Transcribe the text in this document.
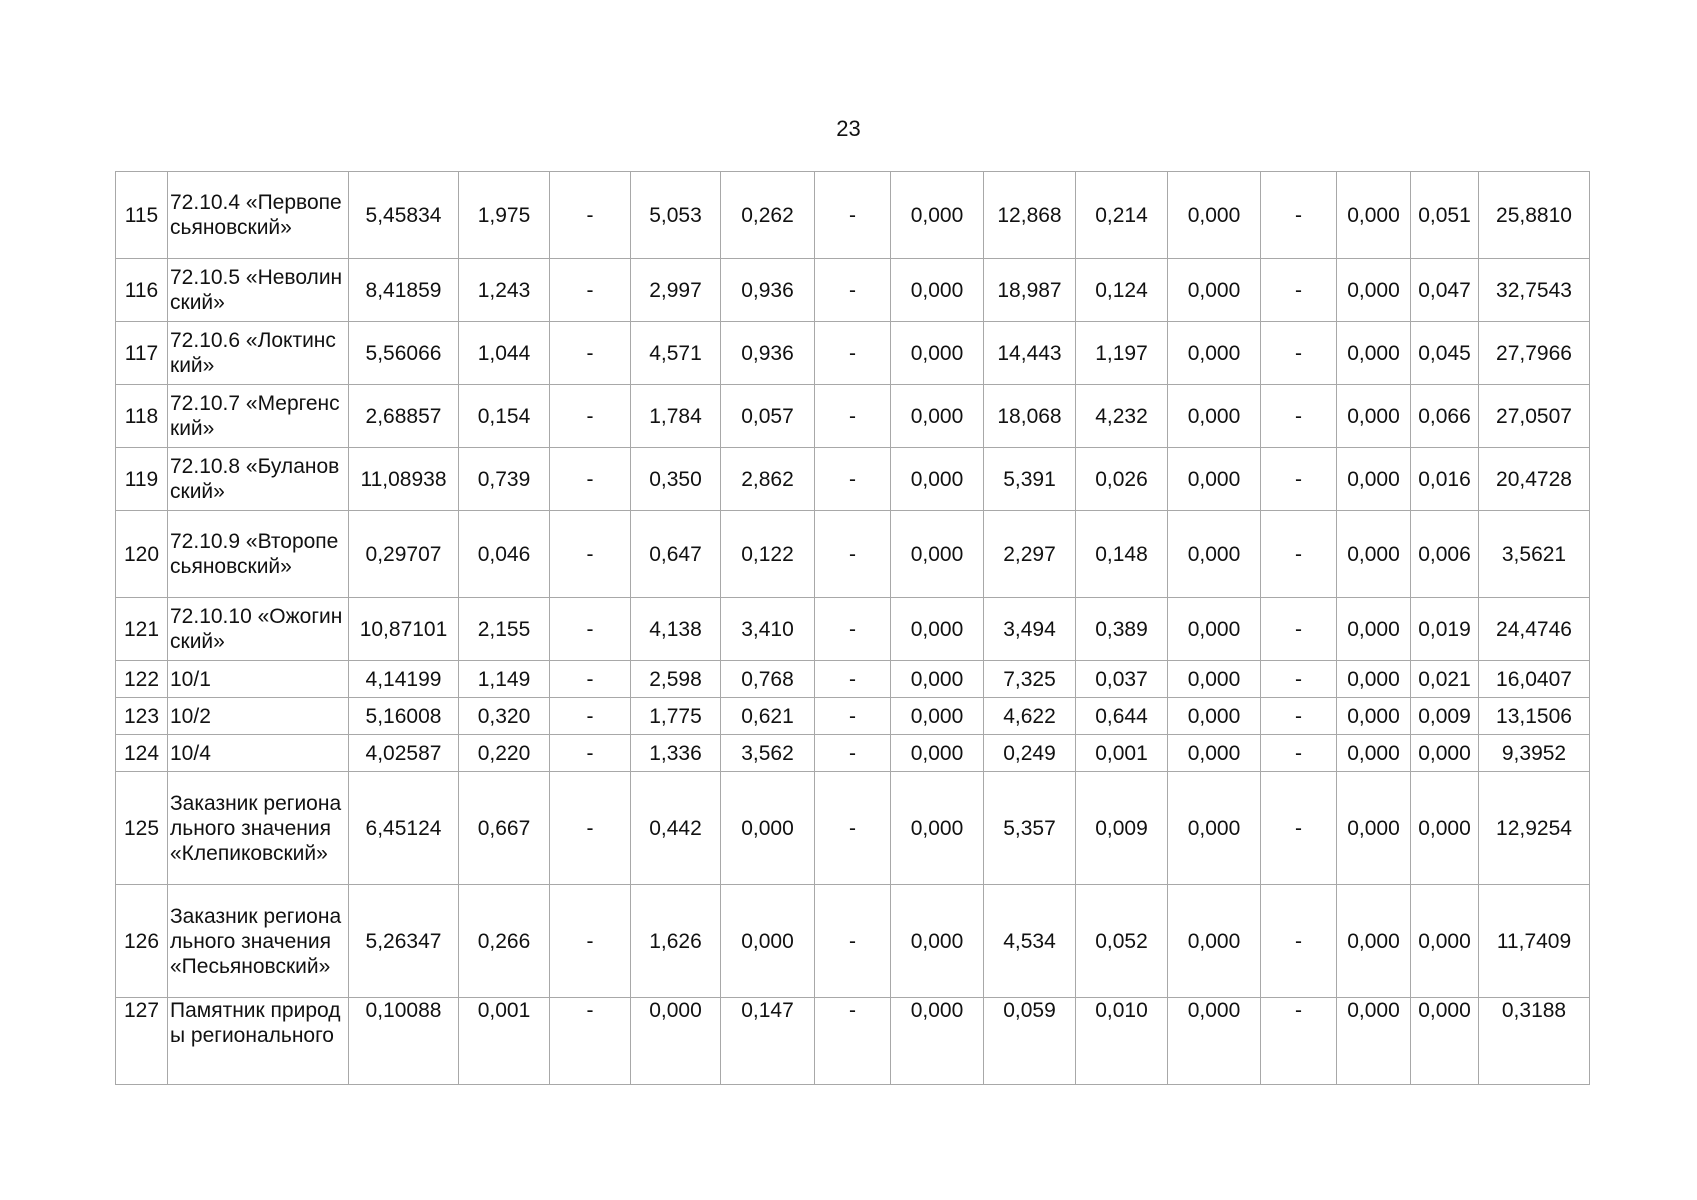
23
115	72.10.4 «Первопесьяновский»	5,45834	1,975	-	5,053	0,262	-	0,000	12,868	0,214	0,000	-	0,000	0,051	25,8810
116	72.10.5 «Неволинский»	8,41859	1,243	-	2,997	0,936	-	0,000	18,987	0,124	0,000	-	0,000	0,047	32,7543
117	72.10.6 «Локтинский»	5,56066	1,044	-	4,571	0,936	-	0,000	14,443	1,197	0,000	-	0,000	0,045	27,7966
118	72.10.7 «Мергенский»	2,68857	0,154	-	1,784	0,057	-	0,000	18,068	4,232	0,000	-	0,000	0,066	27,0507
119	72.10.8 «Булановский»	11,08938	0,739	-	0,350	2,862	-	0,000	5,391	0,026	0,000	-	0,000	0,016	20,4728
120	72.10.9 «Второпесьяновский»	0,29707	0,046	-	0,647	0,122	-	0,000	2,297	0,148	0,000	-	0,000	0,006	3,5621
121	72.10.10 «Ожогинский»	10,87101	2,155	-	4,138	3,410	-	0,000	3,494	0,389	0,000	-	0,000	0,019	24,4746
122	10/1	4,14199	1,149	-	2,598	0,768	-	0,000	7,325	0,037	0,000	-	0,000	0,021	16,0407
123	10/2	5,16008	0,320	-	1,775	0,621	-	0,000	4,622	0,644	0,000	-	0,000	0,009	13,1506
124	10/4	4,02587	0,220	-	1,336	3,562	-	0,000	0,249	0,001	0,000	-	0,000	0,000	9,3952
125	Заказник регионального значения «Клепиковский»	6,45124	0,667	-	0,442	0,000	-	0,000	5,357	0,009	0,000	-	0,000	0,000	12,9254
126	Заказник регионального значения «Песьяновский»	5,26347	0,266	-	1,626	0,000	-	0,000	4,534	0,052	0,000	-	0,000	0,000	11,7409
127	Памятник природы регионального	0,10088	0,001	-	0,000	0,147	-	0,000	0,059	0,010	0,000	-	0,000	0,000	0,3188
